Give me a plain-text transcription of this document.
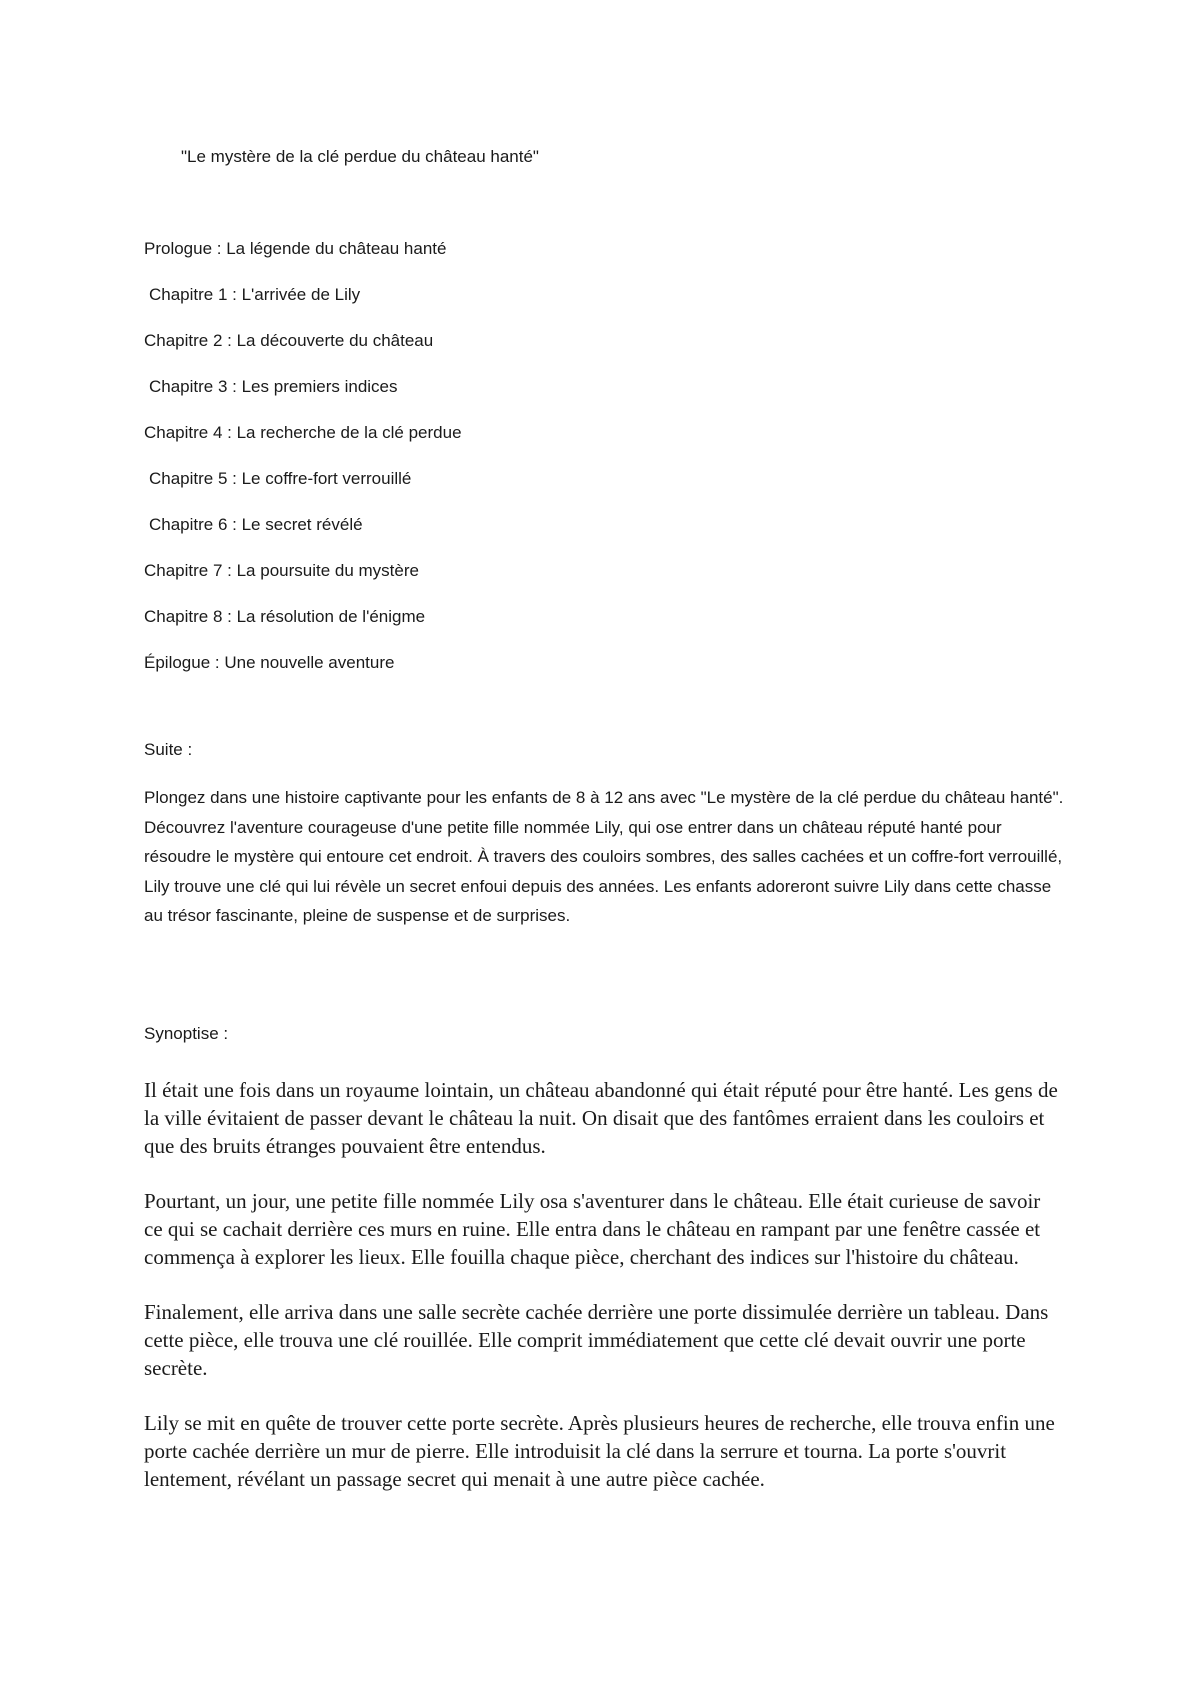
"Le mystère de la clé perdue du château hanté"
Prologue : La légende du château hanté
Chapitre 1 : L'arrivée de Lily
Chapitre 2 : La découverte du château
Chapitre 3 : Les premiers indices
Chapitre 4 : La recherche de la clé perdue
Chapitre 5 : Le coffre-fort verrouillé
Chapitre 6 : Le secret révélé
Chapitre 7 : La poursuite du mystère
Chapitre 8 : La résolution de l'énigme
Épilogue : Une nouvelle aventure
Suite :

Plongez dans une histoire captivante pour les enfants de 8 à 12 ans avec "Le mystère de la clé perdue du château hanté". Découvrez l'aventure courageuse d'une petite fille nommée Lily, qui ose entrer dans un château réputé hanté pour résoudre le mystère qui entoure cet endroit. À travers des couloirs sombres, des salles cachées et un coffre-fort verrouillé, Lily trouve une clé qui lui révèle un secret enfoui depuis des années. Les enfants adoreront suivre Lily dans cette chasse au trésor fascinante, pleine de suspense et de surprises.

Synoptise :

Il était une fois dans un royaume lointain, un château abandonné qui était réputé pour être hanté. Les gens de la ville évitaient de passer devant le château la nuit. On disait que des fantômes erraient dans les couloirs et que des bruits étranges pouvaient être entendus.

Pourtant, un jour, une petite fille nommée Lily osa s'aventurer dans le château. Elle était curieuse de savoir ce qui se cachait derrière ces murs en ruine. Elle entra dans le château en rampant par une fenêtre cassée et commença à explorer les lieux. Elle fouilla chaque pièce, cherchant des indices sur l'histoire du château.

Finalement, elle arriva dans une salle secrète cachée derrière une porte dissimulée derrière un tableau. Dans cette pièce, elle trouva une clé rouillée. Elle comprit immédiatement que cette clé devait ouvrir une porte secrète.

Lily se mit en quête de trouver cette porte secrète. Après plusieurs heures de recherche, elle trouva enfin une porte cachée derrière un mur de pierre. Elle introduisit la clé dans la serrure et tourna. La porte s'ouvrit lentement, révélant un passage secret qui menait à une autre pièce cachée.
